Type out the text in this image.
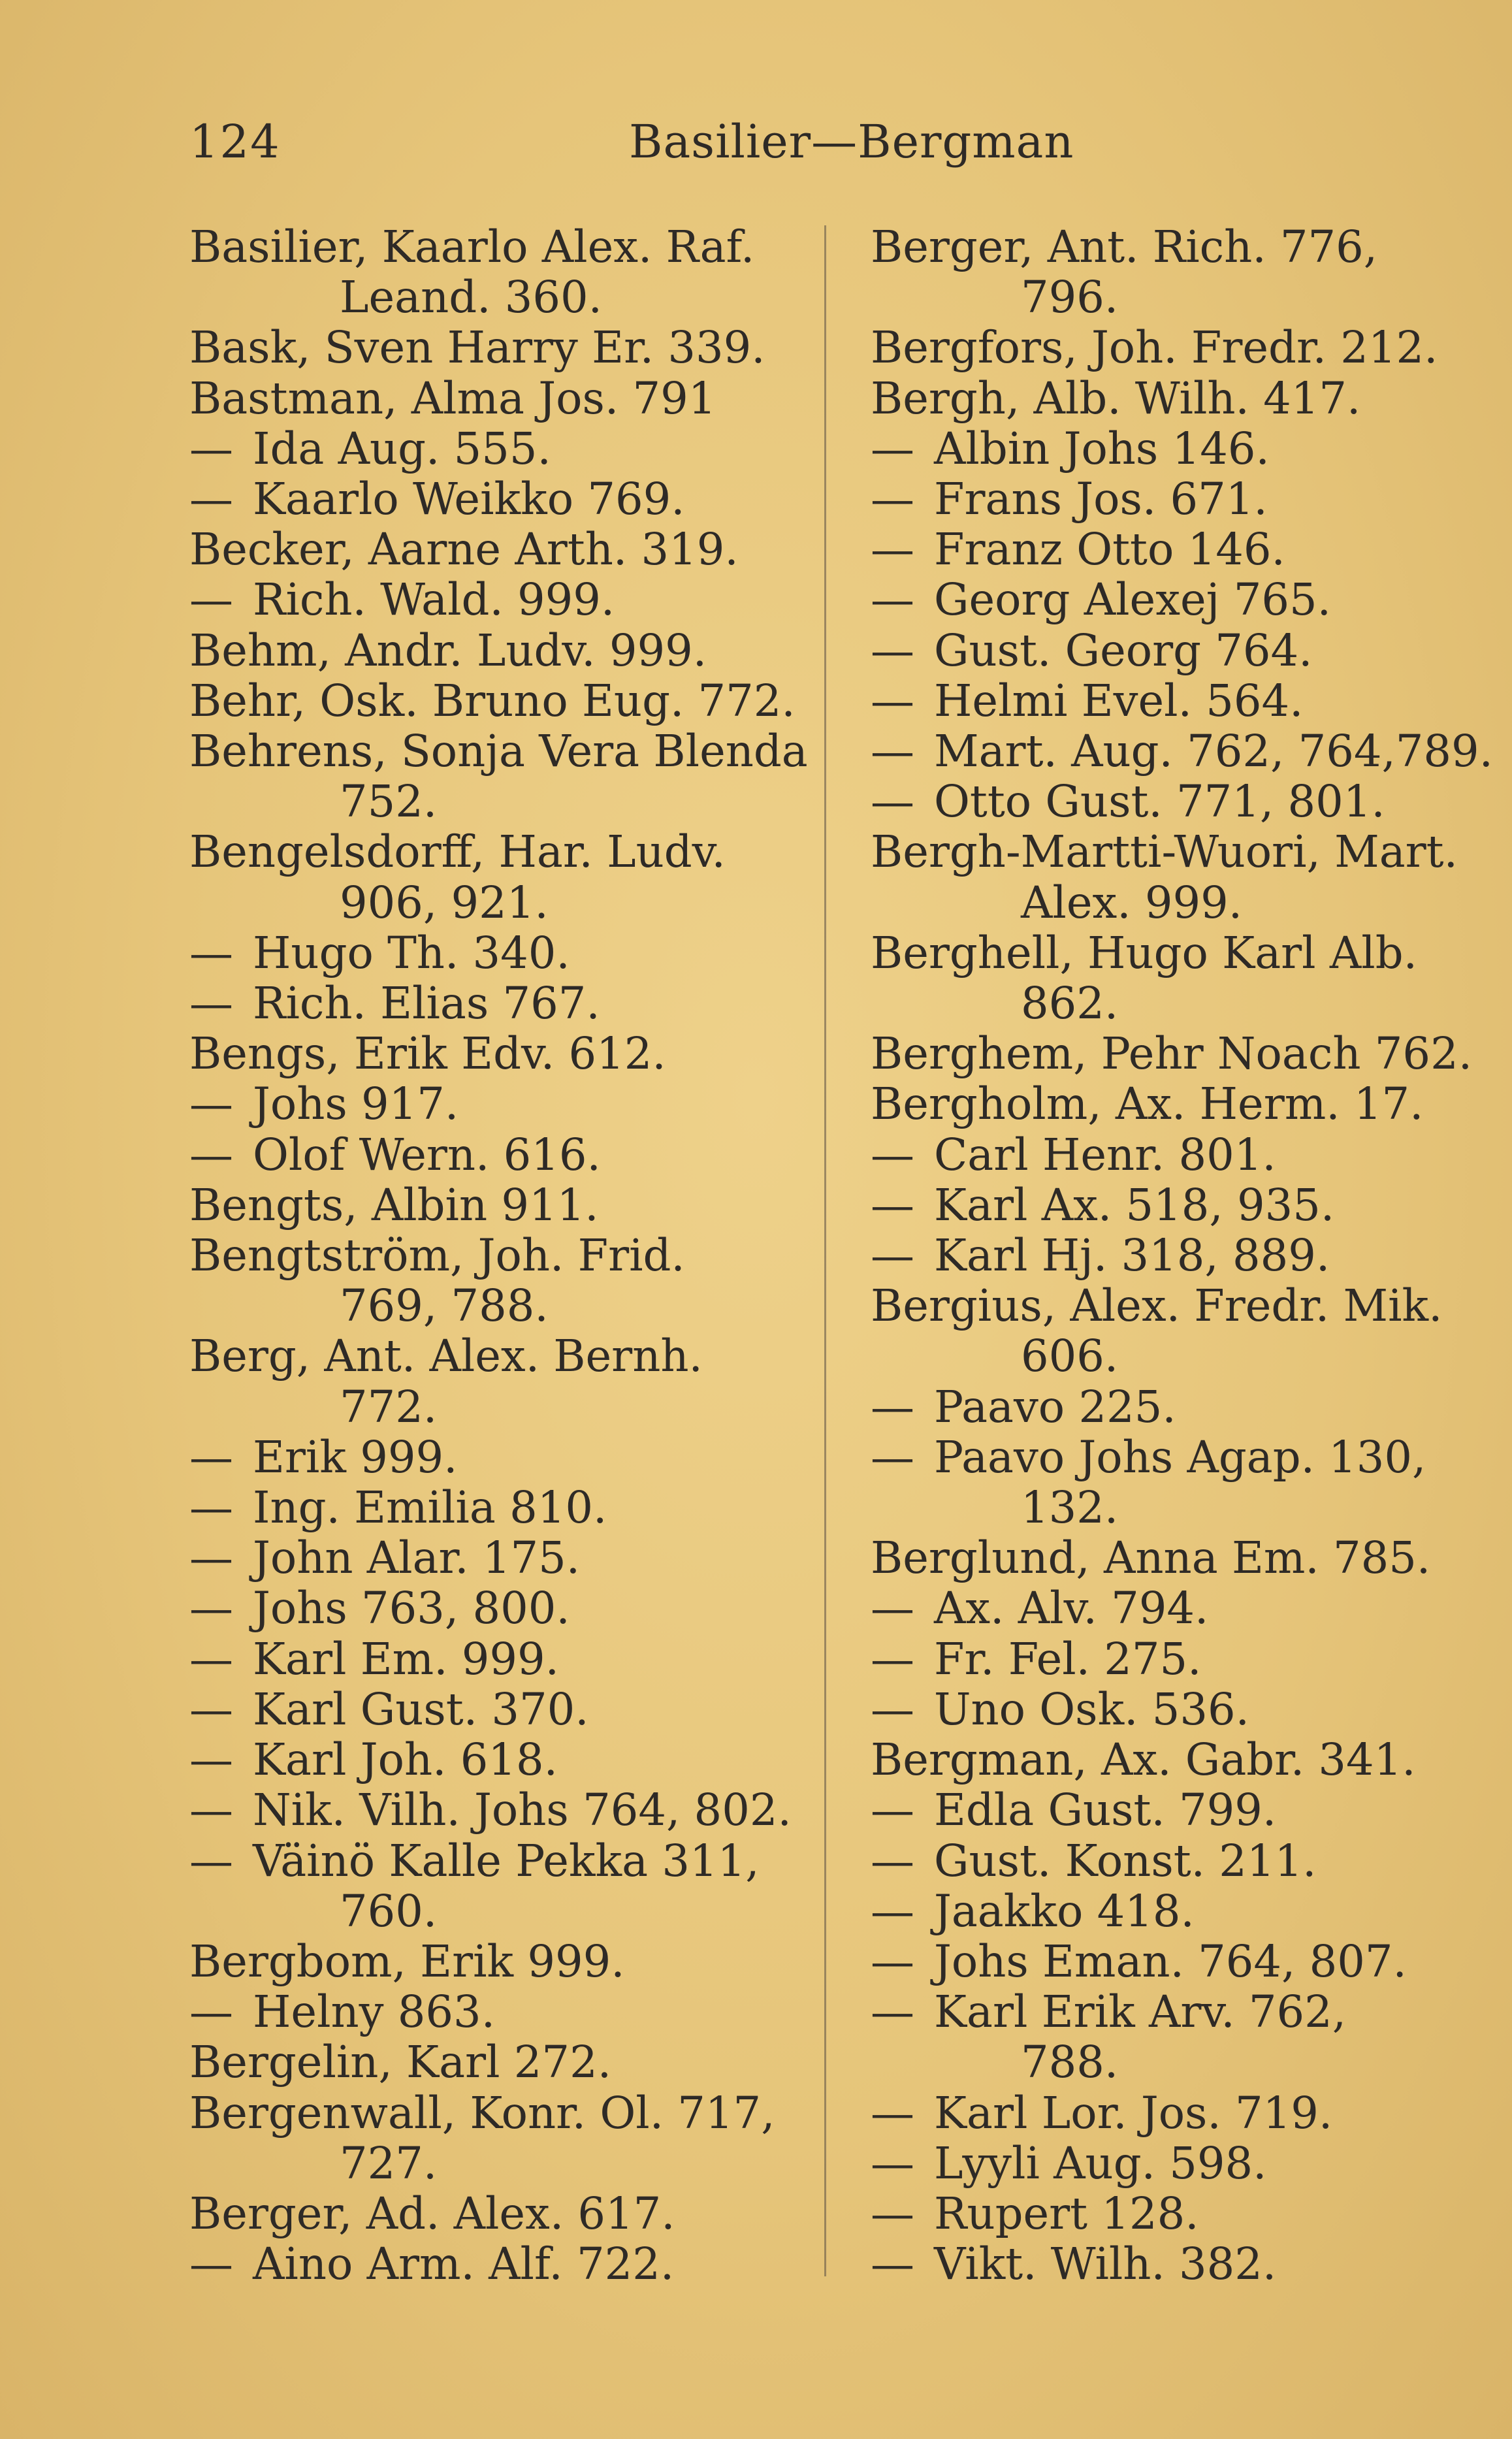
124	Basilier—Bergman
Basilier, Kaarlo Alex. Raf.
Leand. 360.
Bask, Sven Harry Er. 339.
Bastman, Alma Jos. 791
— Ida Aug. 555.
— Kaarlo Weikko 769.
Becker, Aarne Arth. 319.
— Rich. Wald. 999.
Behm, Andr. Ludv. 999.
Behr, Osk. Bruno Eug. 772.
Behrens, Sonja Vera Blenda
752.
Bengelsdorff, Har. Ludv.
906, 921.
— Hugo Th. 340.
— Rich. Elias 767.
Bengs, Erik Edv. 612.
— Johs 917.
— Olof Wern. 616.
Bengts, Albin 911.
Bengtström, Joh. Frid.
769, 788.
Berg, Ant. Alex. Bernh.
772.
— Erik 999.
— Ing. Emilia 810.
— John Alar. 175.
— Johs 763, 800.
— Karl Em. 999.
— Karl Gust. 370.
— Karl Joh. 618.
— Nik. Vilh. Johs 764, 802.
— Väinö Kalle Pekka 311,
760.
Bergbom, Erik 999.
— Helny 863.
Bergelin, Karl 272.
Bergenwall, Konr. Ol. 717,
727.
Berger, Ad. Alex. 617.
— Aino Arm. Alf. 722.
Berger, Ant. Rich. 776,
796.
Bergfors, Joh. Fredr. 212.
Bergh, Alb. Wilh. 417.
— Albin Johs 146.
— Frans Jos. 671.
— Franz Otto 146.
— Georg Alexej 765.
— Gust. Georg 764.
— Helmi Evel. 564.
— Mart. Aug. 762, 764,789.
— Otto Gust. 771, 801.
Bergh-Martti-Wuori, Mart.
Alex. 999.
Berghell, Hugo Karl Alb.
862.
Berghem, Pehr Noach 762.
Bergholm, Ax. Herm. 17.
— Carl Henr. 801.
— Karl Ax. 518, 935.
— Karl Hj. 318, 889.
Bergius, Alex. Fredr. Mik.
606.
— Paavo 225.
— Paavo Johs Agap. 130,
132.
Berglund, Anna Em. 785.
— Ax. Alv. 794.
— Fr. Fel. 275.
— Uno Osk. 536.
Bergman, Ax. Gabr. 341.
— Edla Gust. 799.
— Gust. Konst. 211.
— Jaakko 418.
— Johs Eman. 764, 807.
— Karl Erik Arv. 762,
788.
— Karl Lor. Jos. 719.
— Lyyli Aug. 598.
— Rupert 128.
— Vikt. Wilh. 382.
